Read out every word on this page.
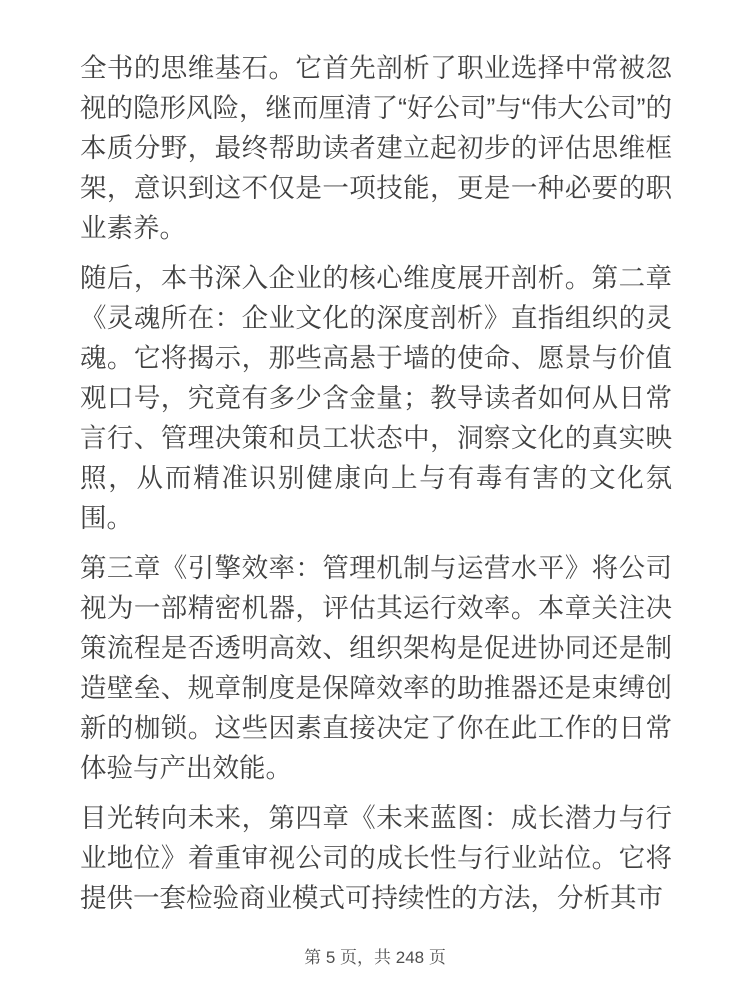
全书的思维基石。它首先剖析了职业选择中常被忽视的隐形风险，继而厘清了“好公司”与“伟大公司”的本质分野，最终帮助读者建立起初步的评估思维框架，意识到这不仅是一项技能，更是一种必要的职业素养。

随后，本书深入企业的核心维度展开剖析。第二章《灵魂所在：企业文化的深度剖析》直指组织的灵魂。它将揭示，那些高悬于墙的使命、愿景与价值观口号，究竟有多少含金量；教导读者如何从日常言行、管理决策和员工状态中，洞察文化的真实映照，从而精准识别健康向上与有毒有害的文化氛围。

第三章《引擎效率：管理机制与运营水平》将公司视为一部精密机器，评估其运行效率。本章关注决策流程是否透明高效、组织架构是促进协同还是制造壁垒、规章制度是保障效率的助推器还是束缚创新的枷锁。这些因素直接决定了你在此工作的日常体验与产出效能。

目光转向未来，第四章《未来蓝图：成长潜力与行业地位》着重审视公司的成长性与行业站位。它将提供一套检验商业模式可持续性的方法，分析其市

第 5 页，共 248 页
